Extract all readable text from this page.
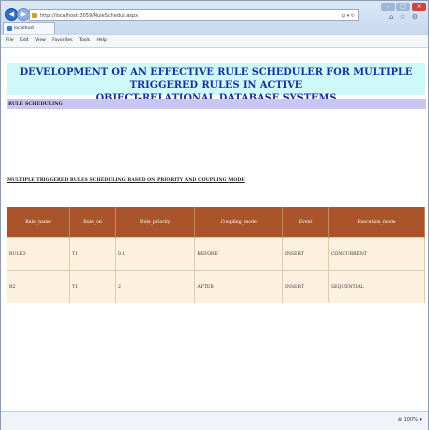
◀ ▶	http://localhost:3059/RuleSchedul.aspx	ρ ▾ ↻
–	□	×
localhost
⌂☆⚙
File Edit View Favorites Tools Help
DEVELOPMENT OF AN EFFECTIVE RULE SCHEDULER FOR MULTIPLE TRIGGERED RULES IN ACTIVE
RULE SCHEDULING
MULTIPLE TRIGGERED RULES SCHEDULING BASED ON PRIORITY AND COUPLING MODE
Rule_name	Rule_on	Rule_priority	Coupling_mode	Event	Execution_mode
RULE3	T1	0.1	BEFORE	INSERT	CONCURRENT
R2	T1	2	AFTER	INSERT	SEQUENTIAL
⊕ 100% ▾
